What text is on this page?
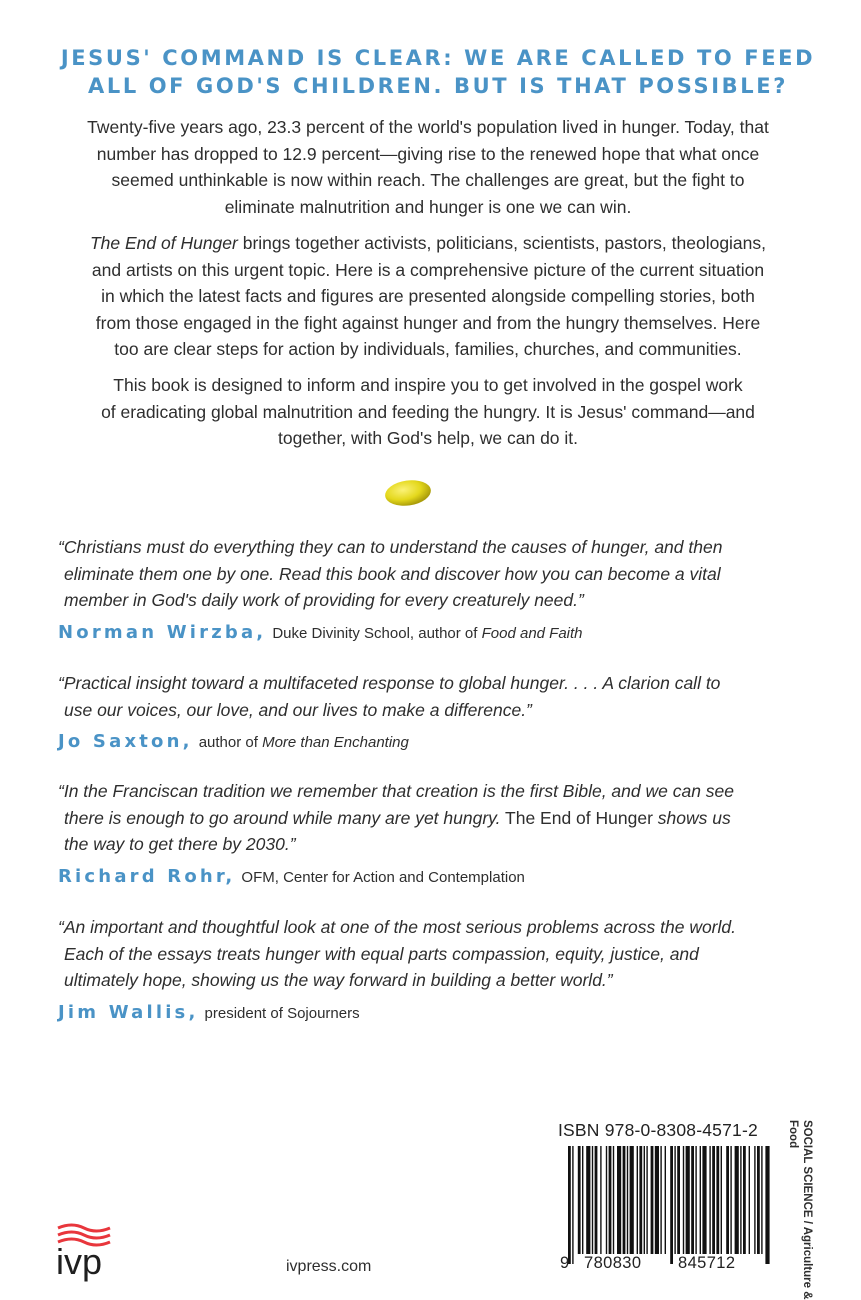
JESUS' COMMAND IS CLEAR: WE ARE CALLED TO FEED
ALL OF GOD'S CHILDREN. BUT IS THAT POSSIBLE?
Twenty-five years ago, 23.3 percent of the world's population lived in hunger. Today, that
number has dropped to 12.9 percent—giving rise to the renewed hope that what once
seemed unthinkable is now within reach. The challenges are great, but the fight to
eliminate malnutrition and hunger is one we can win.
The End of Hunger brings together activists, politicians, scientists, pastors, theologians,
and artists on this urgent topic. Here is a comprehensive picture of the current situation
in which the latest facts and figures are presented alongside compelling stories, both
from those engaged in the fight against hunger and from the hungry themselves. Here
too are clear steps for action by individuals, families, churches, and communities.
This book is designed to inform and inspire you to get involved in the gospel work
of eradicating global malnutrition and feeding the hungry. It is Jesus' command—and
together, with God's help, we can do it.
“Christians must do everything they can to understand the causes of hunger, and then
eliminate them one by one. Read this book and discover how you can become a vital
member in God's daily work of providing for every creaturely need.”
Norman Wirzba, Duke Divinity School, author of Food and Faith
“Practical insight toward a multifaceted response to global hunger. . . . A clarion call to
use our voices, our love, and our lives to make a difference.”
Jo Saxton, author of More than Enchanting
“In the Franciscan tradition we remember that creation is the first Bible, and we can see
there is enough to go around while many are yet hungry. The End of Hunger shows us
the way to get there by 2030.”
Richard Rohr, OFM, Center for Action and Contemplation
“An important and thoughtful look at one of the most serious problems across the world.
Each of the essays treats hunger with equal parts compassion, equity, justice, and
ultimately hope, showing us the way forward in building a better world.”
Jim Wallis, president of Sojourners
ivp	ivpress.com
ISBN 978-0-8308-4571-2
9 780830 845712	SOCIAL SCIENCE / Agriculture & Food
